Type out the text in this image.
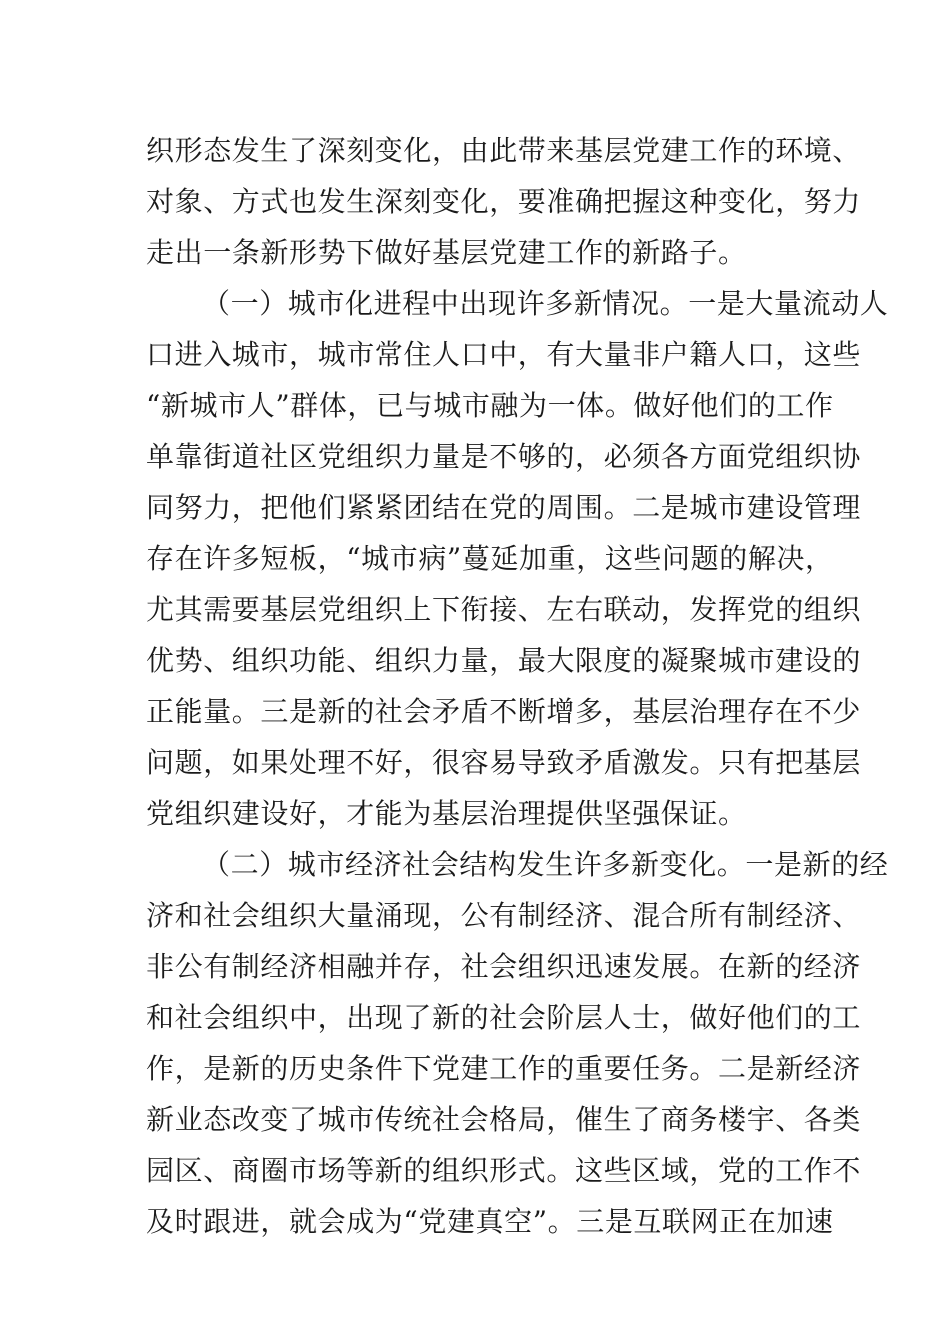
织形态发生了深刻变化，由此带来基层党建工作的环境、
对象、方式也发生深刻变化，要准确把握这种变化，努力
走出一条新形势下做好基层党建工作的新路子。
（一）城市化进程中出现许多新情况。一是大量流动人
口进入城市，城市常住人口中，有大量非户籍人口，这些
“新城市人”群体，已与城市融为一体。做好他们的工作
单靠街道社区党组织力量是不够的，必须各方面党组织协
同努力，把他们紧紧团结在党的周围。二是城市建设管理
存在许多短板，“城市病”蔓延加重，这些问题的解决，
尤其需要基层党组织上下衔接、左右联动，发挥党的组织
优势、组织功能、组织力量，最大限度的凝聚城市建设的
正能量。三是新的社会矛盾不断增多，基层治理存在不少
问题，如果处理不好，很容易导致矛盾激发。只有把基层
党组织建设好，才能为基层治理提供坚强保证。
（二）城市经济社会结构发生许多新变化。一是新的经
济和社会组织大量涌现，公有制经济、混合所有制经济、
非公有制经济相融并存，社会组织迅速发展。在新的经济
和社会组织中，出现了新的社会阶层人士，做好他们的工
作，是新的历史条件下党建工作的重要任务。二是新经济
新业态改变了城市传统社会格局，催生了商务楼宇、各类
园区、商圈市场等新的组织形式。这些区域，党的工作不
及时跟进，就会成为“党建真空”。三是互联网正在加速
